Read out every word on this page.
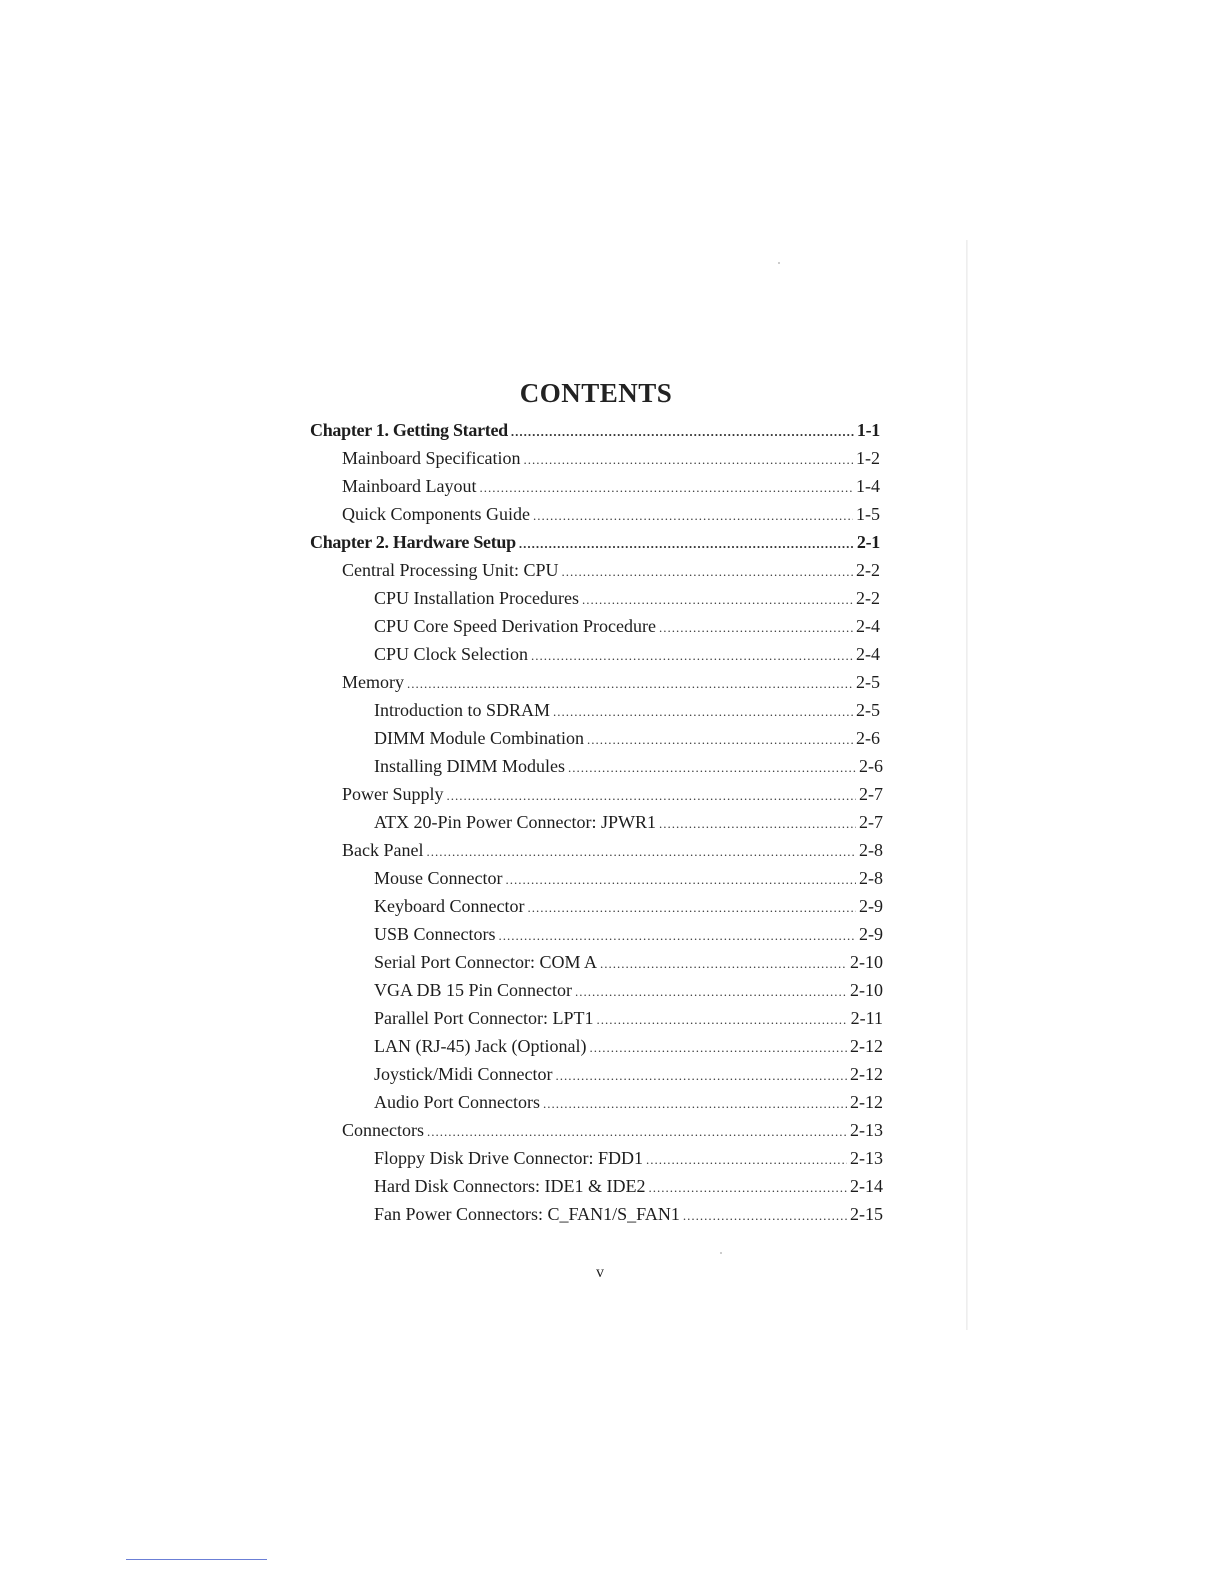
CONTENTS
Chapter 1. Getting Started .....	1-1
Mainboard Specification .....	1-2
Mainboard Layout .....	1-4
Quick Components Guide .....	1-5
Chapter 2. Hardware Setup .....	2-1
Central Processing Unit: CPU .....	2-2
CPU Installation Procedures .....	2-2
CPU Core Speed Derivation Procedure .....	2-4
CPU Clock Selection .....	2-4
Memory .....	2-5
Introduction to SDRAM .....	2-5
DIMM Module Combination .....	2-6
Installing DIMM Modules .....	2-6
Power Supply .....	2-7
ATX 20-Pin Power Connector: JPWR1 .....	2-7
Back Panel .....	2-8
Mouse Connector .....	2-8
Keyboard Connector .....	2-9
USB Connectors .....	2-9
Serial Port Connector: COM A .....	2-10
VGA DB 15 Pin Connector .....	2-10
Parallel Port Connector: LPT1 .....	2-11
LAN (RJ-45) Jack (Optional) .....	2-12
Joystick/Midi Connector .....	2-12
Audio Port Connectors .....	2-12
Connectors .....	2-13
Floppy Disk Drive Connector: FDD1 .....	2-13
Hard Disk Connectors: IDE1 & IDE2 .....	2-14
Fan Power Connectors: C_FAN1/S_FAN1 .....	2-15
v
